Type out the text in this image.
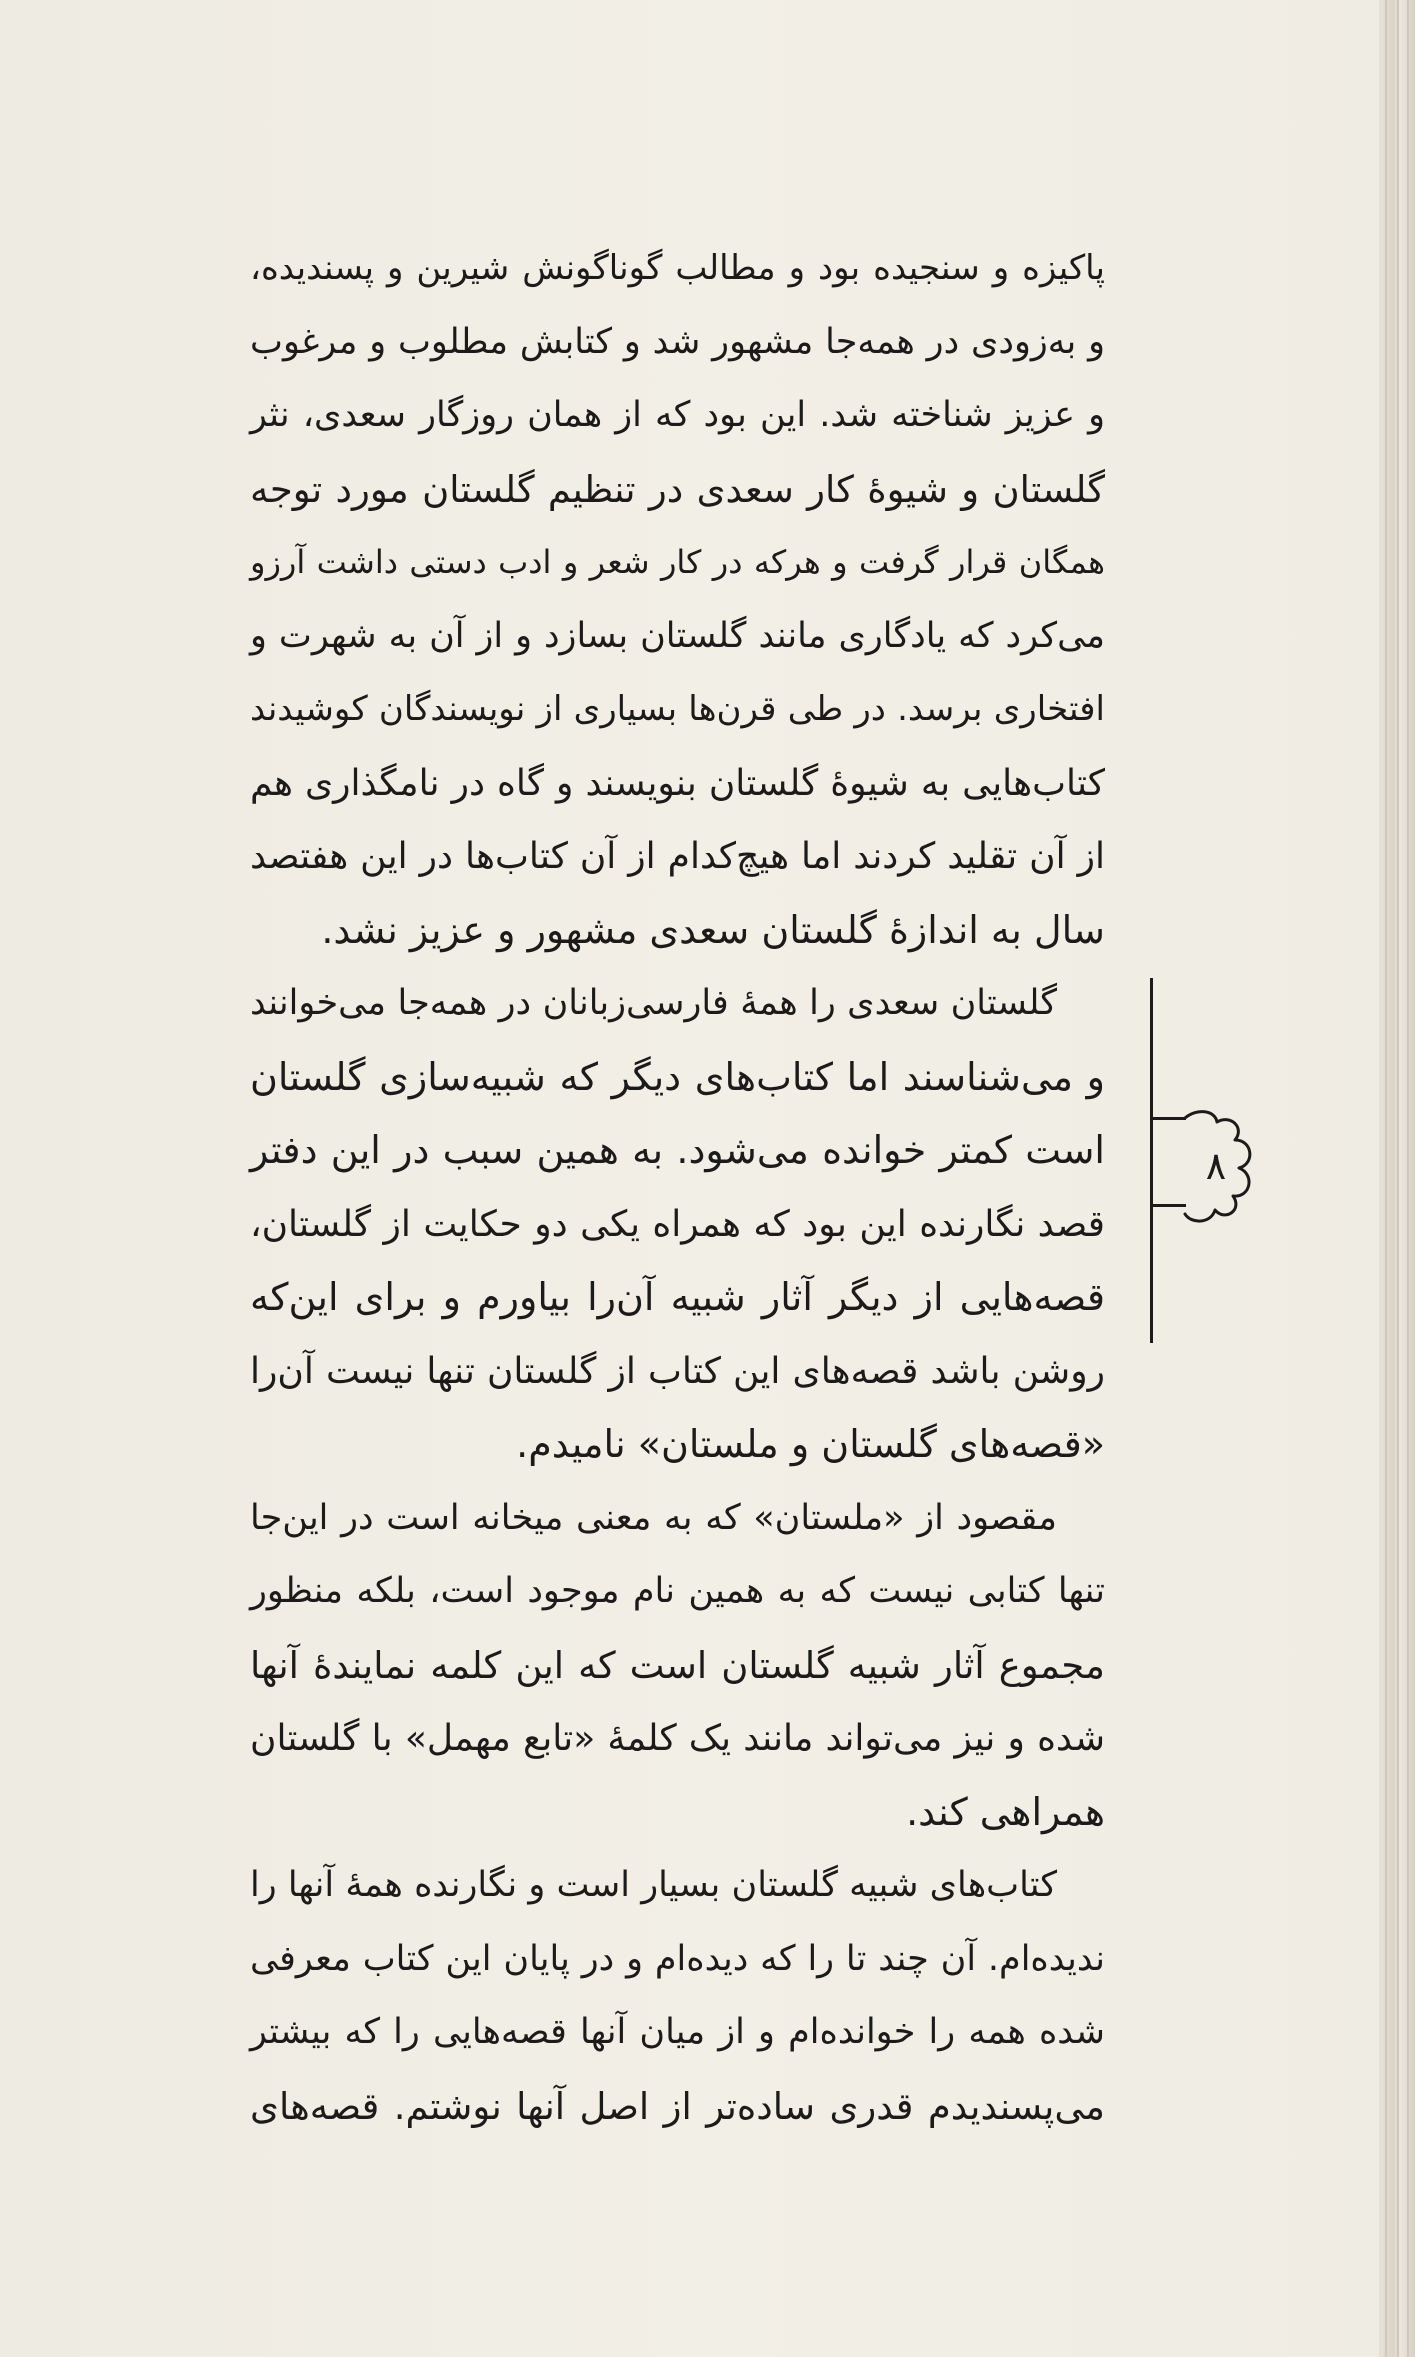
پاکیزه و سنجیده بود و مطالب گوناگونش شیرین و پسندیده،
و به‌زودی در همه‌جا مشهور شد و کتابش مطلوب و مرغوب
و عزیز شناخته شد. این بود که از همان روزگار سعدی، نثر
گلستان و شیوهٔ کار سعدی در تنظیم گلستان مورد توجه
همگان قرار گرفت و هرکه در کار شعر و ادب دستی داشت آرزو
می‌کرد که یادگاری مانند گلستان بسازد و از آن به شهرت و
افتخاری برسد. در طی قرن‌ها بسیاری از نویسندگان کوشیدند
کتاب‌هایی به شیوهٔ گلستان بنویسند و گاه در نامگذاری هم
از آن تقلید کردند اما هیچ‌کدام از آن کتاب‌ها در این هفتصد
سال به اندازهٔ گلستان سعدی مشهور و عزیز نشد.
گلستان سعدی را همهٔ فارسی‌زبانان در همه‌جا می‌خوانند
و می‌شناسند اما کتاب‌های دیگر که شبیه‌سازی گلستان
است کمتر خوانده می‌شود. به همین سبب در این دفتر
قصد نگارنده این بود که همراه یکی دو حکایت از گلستان،
قصه‌هایی از دیگر آثار شبیه آن‌را بیاورم و برای این‌که
روشن باشد قصه‌های این کتاب از گلستان تنها نیست آن‌را
«قصه‌های گلستان و ملستان» نامیدم.
مقصود از «ملستان» که به معنی میخانه است در این‌جا
تنها کتابی نیست که به همین نام موجود است، بلکه منظور
مجموع آثار شبیه گلستان است که این کلمه نمایندهٔ آنها
شده و نیز می‌تواند مانند یک کلمهٔ «تابع مهمل» با گلستان
همراهی کند.
کتاب‌های شبیه گلستان بسیار است و نگارنده همهٔ آنها را
ندیده‌ام. آن چند تا را که دیده‌ام و در پایان این کتاب معرفی
شده همه را خوانده‌ام و از میان آنها قصه‌هایی را که بیشتر
می‌پسندیدم قدری ساده‌تر از اصل آنها نوشتم. قصه‌های
۸
